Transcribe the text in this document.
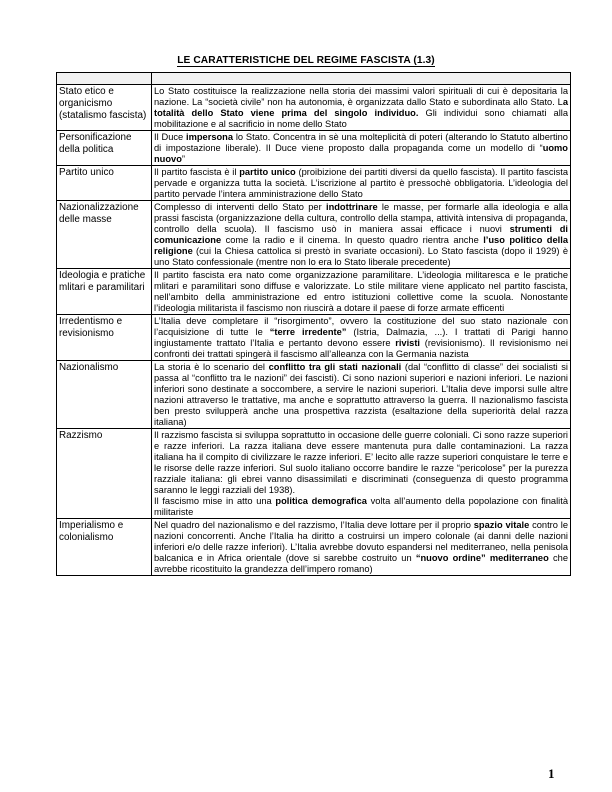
LE CARATTERISTICHE DEL REGIME FASCISTA (1.3)

Stato etico e organicismo (statalismo fascista)	Lo Stato costituisce la realizzazione nella storia dei massimi valori spirituali di cui è depositaria la nazione. La “società civile” non ha autonomia, è organizzata dallo Stato e subordinata allo Stato. La totalità dello Stato viene prima del singolo individuo. Gli individui sono chiamati alla mobilitazione e al sacrificio in nome dello Stato
Personificazione della politica	Il Duce impersona lo Stato. Concentra in sè una molteplicità di poteri (alterando lo Statuto albertino di impostazione liberale). Il Duce viene proposto dalla propaganda come un modello di “uomo nuovo”
Partito unico	Il partito fascista è il partito unico (proibizione dei partiti diversi da quello fascista). Il partito fascista pervade e organizza tutta la società. L’iscrizione al partito è pressochè obbligatoria. L’ideologia del partito pervade l’intera amministrazione dello Stato
Nazionalizzazione delle masse	Complesso di interventi dello Stato per indottrinare le masse, per formarle alla ideologia e alla prassi fascista (organizzazione della cultura, controllo della stampa, attività intensiva di propaganda, controllo della scuola). Il fascismo usò in maniera assai efficace i nuovi strumenti di comunicazione come la radio e il cinema. In questo quadro rientra anche l’uso politico della religione (cui la Chiesa cattolica si prestò in svariate occasioni). Lo Stato fascista (dopo il 1929) è uno Stato confessionale (mentre non lo era lo Stato liberale precedente)
Ideologia e pratiche mlitari e paramilitari	Il partito fascista era nato come organizzazione paramilitare. L’ideologia militaresca e le pratiche mlitari e paramilitari sono diffuse e valorizzate. Lo stile militare viene applicato nel partito fascista, nell’ambito della amministrazione ed entro istituzioni collettive come la scuola. Nonostante l’ideologia militarista il fascismo non riuscirà a dotare il paese di forze armate efficenti
Irredentismo e revisionismo	L’Italia deve completare il “risorgimento”, ovvero la costituzione del suo stato nazionale con l’acquisizione di tutte le “terre irredente” (Istria, Dalmazia, ...). I trattati di Parigi hanno ingiustamente trattato l’Italia e pertanto devono essere rivisti (revisionismo). Il revisionismo nei confronti dei trattati spingerà il fascismo all’alleanza con la Germania nazista
Nazionalismo	La storia è lo scenario del conflitto tra gli stati nazionali (dal “conflitto di classe” dei socialisti si passa al “conflitto tra le nazioni” dei fascisti). Ci sono nazioni superiori e nazioni inferiori. Le nazioni inferiori sono destinate a soccombere, a servire le nazioni superiori. L’Italia deve imporsi sulle altre nazioni attraverso le trattative, ma anche e soprattutto attraverso la guerra. Il nazionalismo fascista ben presto svilupperà anche una prospettiva razzista (esaltazione della superiorità delal razza italiana)
Razzismo	Il razzismo fascista si sviluppa soprattutto in occasione delle guerre coloniali. Ci sono razze superiori e razze inferiori. La razza italiana deve essere mantenuta pura dalle contaminazioni. La razza italiana ha il compito di civilizzare le razze inferiori. E’ lecito alle razze superiori conquistare le terre e le risorse delle razze inferiori. Sul suolo italiano occorre bandire le razze “pericolose” per la purezza razziale italiana: gli ebrei vanno disassimilati e discriminati (conseguenza di questo programma saranno le leggi razziali del 1938).
Il fascismo mise in atto una politica demografica volta all’aumento della popolazione con finalità militariste
Imperialismo e colonialismo	Nel quadro del nazionalismo e del razzismo, l’Italia deve lottare per il proprio spazio vitale contro le nazioni concorrenti. Anche l’Italia ha diritto a costruirsi un impero colonale (ai danni delle nazioni inferiori e/o delle razze inferiori). L’Italia avrebbe dovuto espandersi nel mediterraneo, nella penisola balcanica e in Africa orientale (dove si sarebbe costruito un “nuovo ordine” mediterraneo che avrebbe ricostituito la grandezza dell’impero romano)
1
